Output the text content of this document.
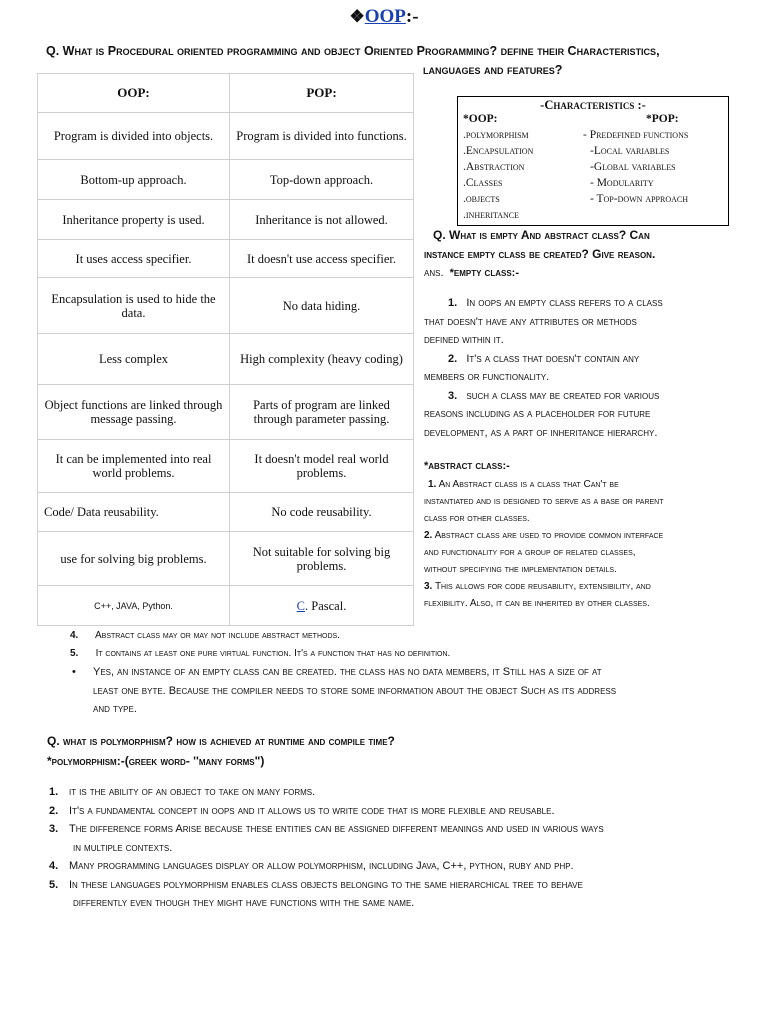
❖OOP:-
Q. What is Procedural oriented programming and object Oriented Programming? define their Characteristics,
languages and features?
OOP:	POP:
Program is divided into objects.	Program is divided into functions.
Bottom-up approach.	Top-down approach.
Inheritance property is used.	Inheritance is not allowed.
It uses access specifier.	It doesn't use access specifier.
Encapsulation is used to hide the data.	No data hiding.
Less complex	High complexity (heavy coding)
Object functions are linked through message passing.	Parts of program are linked through parameter passing.
It can be implemented into real world problems.	It doesn't model real world problems.
Code/ Data reusability.	No code reusability.
use for solving big problems.	Not suitable for solving big problems.
C++, JAVA, Python.	C. Pascal.
-Characteristics :-
*OOP:	*POP:
.polymorphism	- Predefined functions
.Encapsulation	-Local variables
.Abstraction	-Global variables
.Classes	- Modularity
.objects	- Top-down approach
.inheritance
Q. What is empty And abstract class? Can
instance empty class be created? Give reason.
ans. *empty class:-
1. In oops an empty class refers to a class
that doesn't have any attributes or methods
defined within it.
2. It's a class that doesn't contain any
members or functionality.
3. such a class may be created for various
reasons including as a placeholder for future
development, as a part of inheritance hierarchy.
*abstract class:-
1. An Abstract class is a class that Can't be
instantiated and is designed to serve as a base or parent
class for other classes.
2. Abstract class are used to provide common interface
and functionality for a group of related classes,
without specifying the implementation details.
3. This allows for code reusability, extensibility, and
flexibility. Also, it can be inherited by other classes.
4. Abstract class may or may not include abstract methods.
5. It contains at least one pure virtual function. It's a function that has no definition.
• Yes, an instance of an empty class can be created. the class has no data members, it Still has a size of at
least one byte. Because the compiler needs to store some information about the object Such as its address
and type.
Q. what is polymorphism? how is achieved at runtime and compile time?
*polymorphism:-(greek word- ''many forms")
1. it is the ability of an object to take on many forms.
2. It's a fundamental concept in oops and it allows us to write code that is more flexible and reusable.
3. The difference forms Arise because these entities can be assigned different meanings and used in various ways
in multiple contexts.
4. Many programming languages display or allow polymorphism, including Java, C++, python, ruby and php.
5. In these languages polymorphism enables class objects belonging to the same hierarchical tree to behave
differently even though they might have functions with the same name.
